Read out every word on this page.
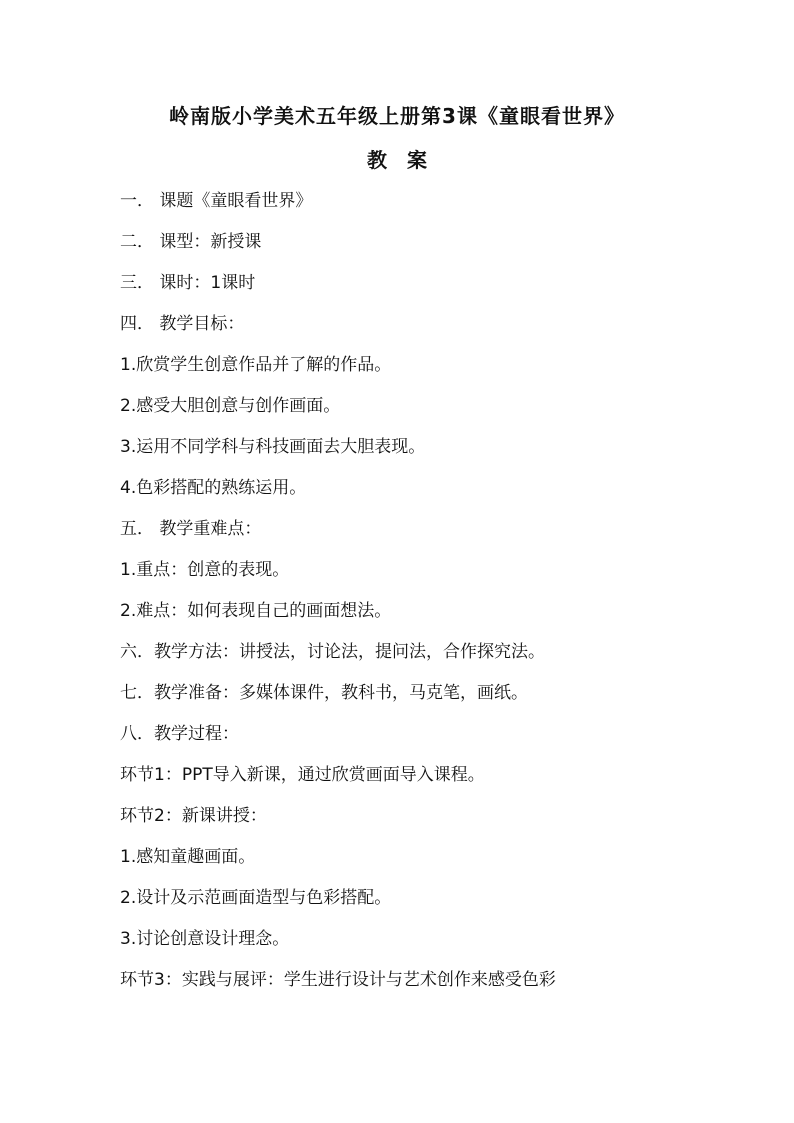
岭南版小学美术五年级上册第3课《童眼看世界》
教案
一． 课题《童眼看世界》
二． 课型：新授课
三． 课时：1课时
四． 教学目标：
1.欣赏学生创意作品并了解的作品。
2.感受大胆创意与创作画面。
3.运用不同学科与科技画面去大胆表现。
4.色彩搭配的熟练运用。
五． 教学重难点：
1.重点：创意的表现。
2.难点：如何表现自己的画面想法。
六．教学方法：讲授法，讨论法，提问法，合作探究法。
七．教学准备：多媒体课件，教科书，马克笔，画纸。
八．教学过程：
环节1：PPT导入新课，通过欣赏画面导入课程。
环节2：新课讲授：
1.感知童趣画面。
2.设计及示范画面造型与色彩搭配。
3.讨论创意设计理念。
环节3：实践与展评：学生进行设计与艺术创作来感受色彩
